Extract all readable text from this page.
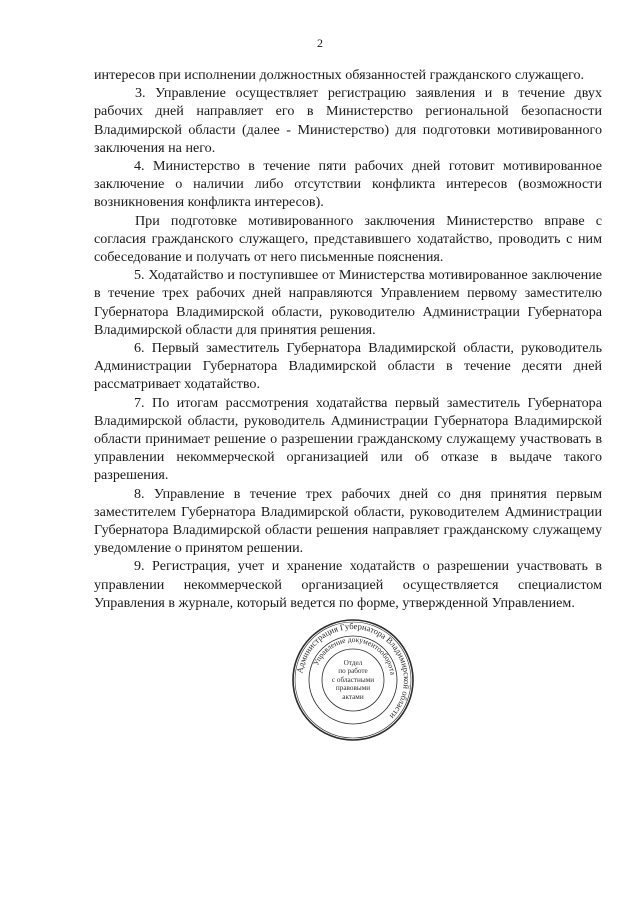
2

интересов при исполнении должностных обязанностей гражданского служащего.

3. Управление осуществляет регистрацию заявления и в течение двух рабочих дней направляет его в Министерство региональной безопасности Владимирской области (далее - Министерство) для подготовки мотивированного заключения на него.

4. Министерство в течение пяти рабочих дней готовит мотивированное заключение о наличии либо отсутствии конфликта интересов (возможности возникновения конфликта интересов).

При подготовке мотивированного заключения Министерство вправе с согласия гражданского служащего, представившего ходатайство, проводить с ним собеседование и получать от него письменные пояснения.

5. Ходатайство и поступившее от Министерства мотивированное заключение в течение трех рабочих дней направляются Управлением первому заместителю Губернатора Владимирской области, руководителю Администрации Губернатора Владимирской области для принятия решения.

6. Первый заместитель Губернатора Владимирской области, руководитель Администрации Губернатора Владимирской области в течение десяти дней рассматривает ходатайство.

7. По итогам рассмотрения ходатайства первый заместитель Губернатора Владимирской области, руководитель Администрации Губернатора Владимирской области принимает решение о разрешении гражданскому служащему участвовать в управлении некоммерческой организацией или об отказе в выдаче такого разрешения.

8. Управление в течение трех рабочих дней со дня принятия первым заместителем Губернатора Владимирской области, руководителем Администрации Губернатора Владимирской области решения направляет гражданскому служащему уведомление о принятом решении.

9. Регистрация, учет и хранение ходатайств о разрешении участвовать в управлении некоммерческой организацией осуществляется специалистом Управления в журнале, который ведется по форме, утвержденной Управлением.

Администрация Губернатора Владимирской области
Управление документооборота
Отдел
по работе
с областными
правовыми
актами
